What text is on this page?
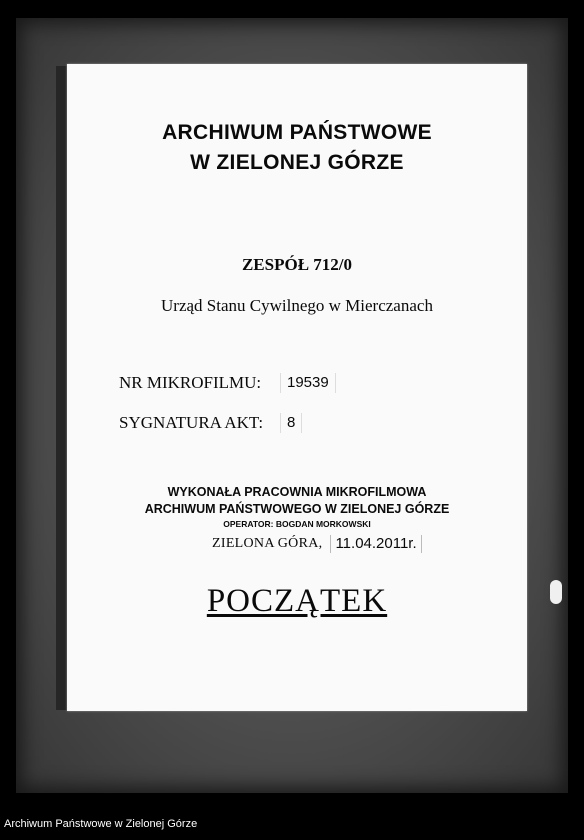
ARCHIWUM PAŃSTWOWE
W ZIELONEJ GÓRZE
ZESPÓŁ 712/0
Urząd Stanu Cywilnego w Mierczanach
NR MIKROFILMU:	19539
SYGNATURA AKT:	8
WYKONAŁA PRACOWNIA MIKROFILMOWA
ARCHIWUM PAŃSTWOWEGO W ZIELONEJ GÓRZE
OPERATOR: BOGDAN MORKOWSKI
ZIELONA GÓRA, 11.04.2011r.
POCZĄTEK
Archiwum Państwowe w Zielonej Górze
